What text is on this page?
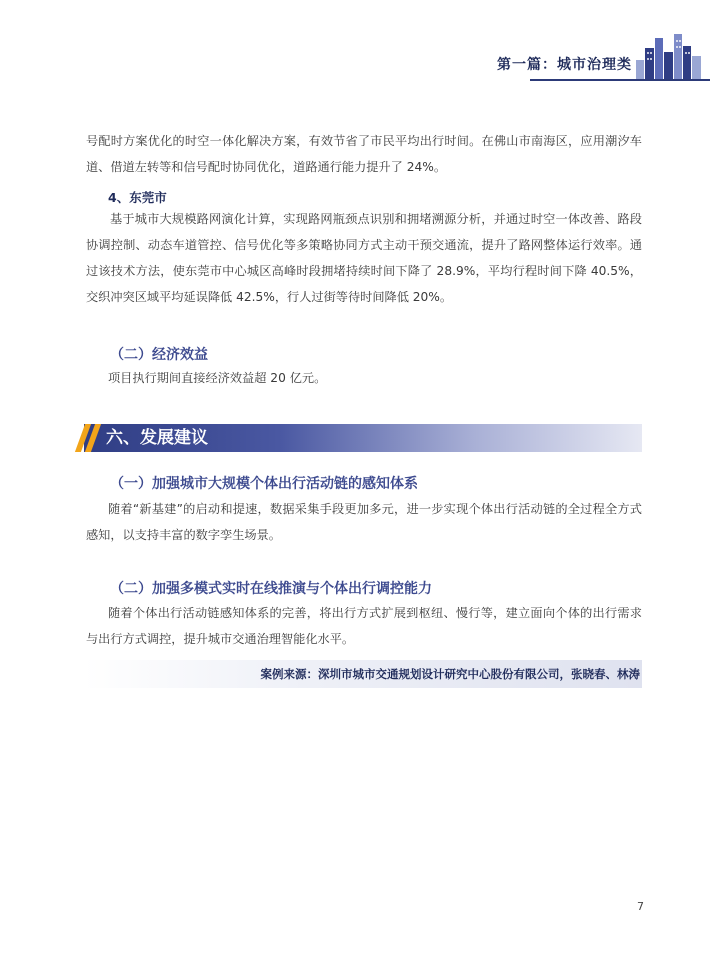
第一篇：城市治理类

号配时方案优化的时空一体化解决方案，有效节省了市民平均出行时间。在佛山市南海区，应用潮汐车道、借道左转等和信号配时协同优化，道路通行能力提升了 24%。

4、东莞市

基于城市大规模路网演化计算，实现路网瓶颈点识别和拥堵溯源分析，并通过时空一体改善、路段协调控制、动态车道管控、信号优化等多策略协同方式主动干预交通流，提升了路网整体运行效率。通过该技术方法，使东莞市中心城区高峰时段拥堵持续时间下降了 28.9%，平均行程时间下降 40.5%，交织冲突区域平均延误降低 42.5%，行人过街等待时间降低 20%。

（二）经济效益

项目执行期间直接经济效益超 20 亿元。

六、发展建议
（一）加强城市大规模个体出行活动链的感知体系

随着“新基建”的启动和提速，数据采集手段更加多元，进一步实现个体出行活动链的全过程全方式感知，以支持丰富的数字孪生场景。

（二）加强多模式实时在线推演与个体出行调控能力

随着个体出行活动链感知体系的完善，将出行方式扩展到枢纽、慢行等，建立面向个体的出行需求与出行方式调控，提升城市交通治理智能化水平。

案例来源：深圳市城市交通规划设计研究中心股份有限公司，张晓春、林涛
7
